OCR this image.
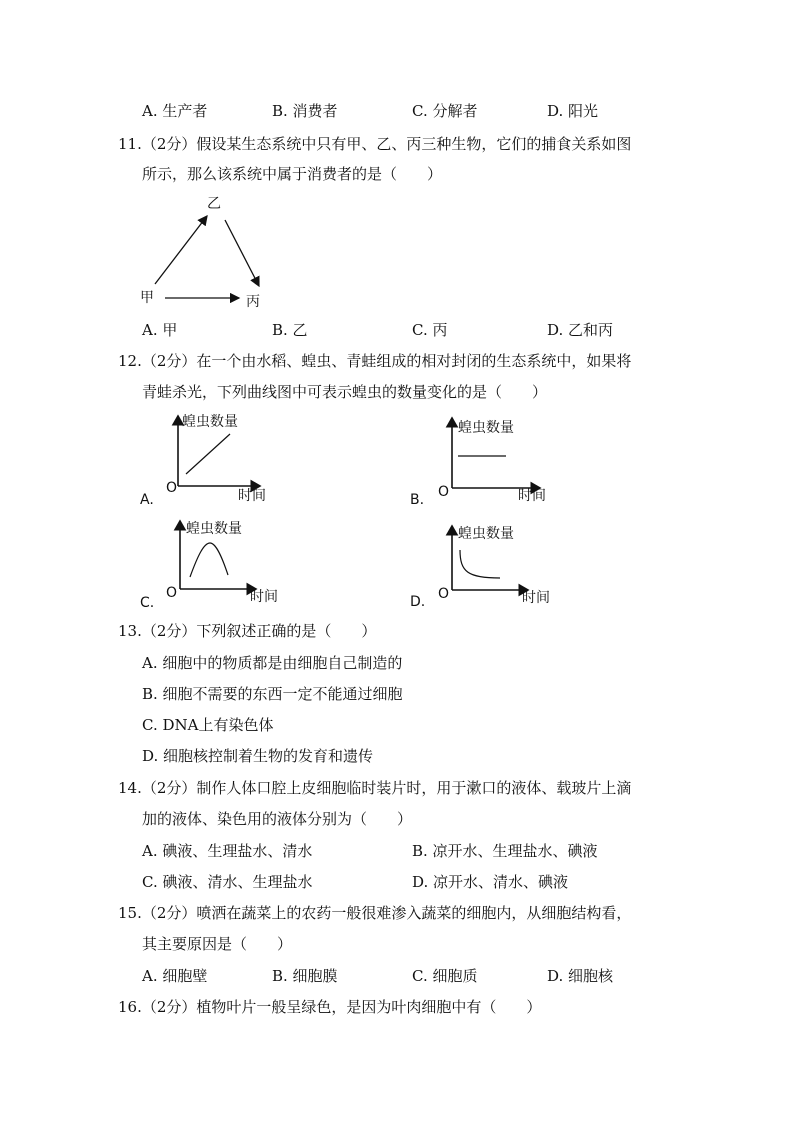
A. 生产者	B. 消费者	C. 分解者	D. 阳光
11.（2分）假设某生态系统中只有甲、乙、丙三种生物，它们的捕食关系如图
所示，那么该系统中属于消费者的是（　　）
乙
甲	丙
A. 甲	B. 乙	C. 丙	D. 乙和丙
12.（2分）在一个由水稻、蝗虫、青蛙组成的相对封闭的生态系统中，如果将
青蛙杀光，下列曲线图中可表示蝗虫的数量变化的是（　　）
A.
蝗虫数量
O	时间	B.
蝗虫数量
O	时间
C.
蝗虫数量
O	时间	D.
蝗虫数量
O	时间
13.（2分）下列叙述正确的是（　　）
A. 细胞中的物质都是由细胞自己制造的
B. 细胞不需要的东西一定不能通过细胞
C. DNA上有染色体
D. 细胞核控制着生物的发育和遗传
14.（2分）制作人体口腔上皮细胞临时装片时，用于漱口的液体、载玻片上滴
加的液体、染色用的液体分别为（　　）
A. 碘液、生理盐水、清水	B. 凉开水、生理盐水、碘液
C. 碘液、清水、生理盐水	D. 凉开水、清水、碘液
15.（2分）喷洒在蔬菜上的农药一般很难渗入蔬菜的细胞内，从细胞结构看，
其主要原因是（　　）
A. 细胞壁	B. 细胞膜	C. 细胞质	D. 细胞核
16.（2分）植物叶片一般呈绿色，是因为叶肉细胞中有（　　）
